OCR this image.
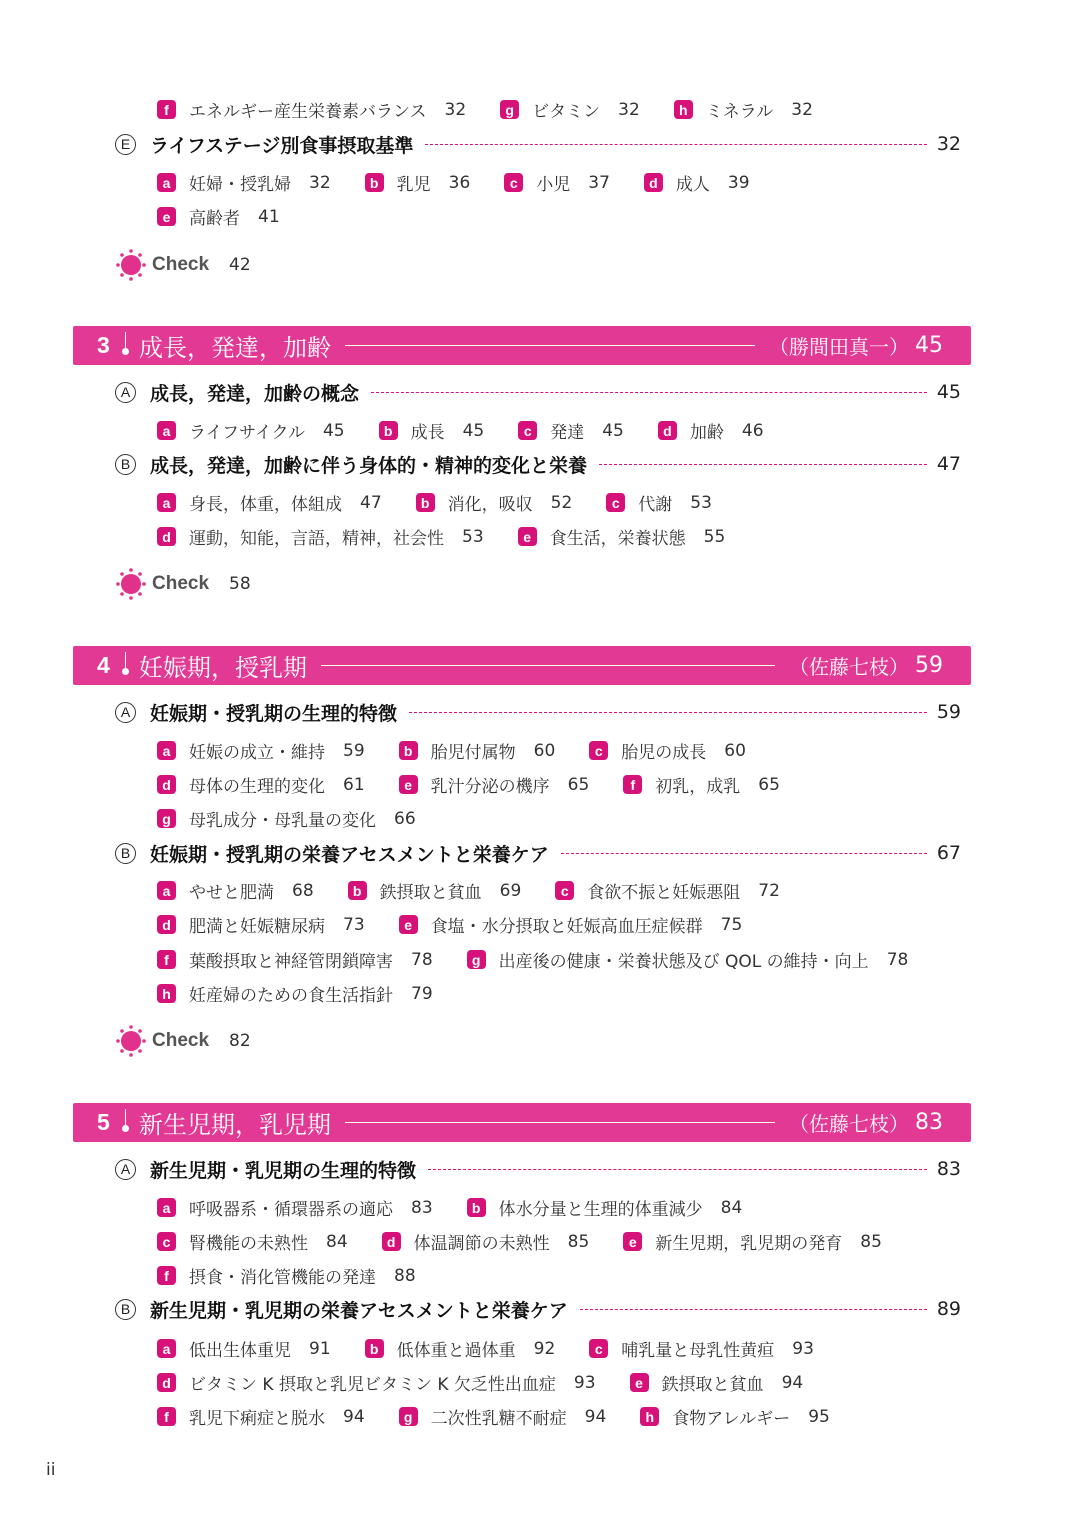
f	エネルギー産生栄養素バランス 32	g	ビタミン 32	h	ミネラル 32
E	ライフステージ別食事摂取基準	32
a	妊婦・授乳婦 32	b	乳児 36	c	小児 37	d	成人 39
e	高齢者 41
Check 42
3	成長，発達，加齢	（勝間田真一） 45
A	成長，発達，加齢の概念	45
a	ライフサイクル 45	b	成長 45	c	発達 45	d	加齢 46
B	成長，発達，加齢に伴う身体的・精神的変化と栄養	47
a	身長，体重，体組成 47	b	消化，吸収 52	c	代謝 53
d	運動，知能，言語，精神，社会性 53	e	食生活，栄養状態 55
Check 58
4	妊娠期，授乳期	（佐藤七枝） 59
A	妊娠期・授乳期の生理的特徴	59
a	妊娠の成立・維持 59	b	胎児付属物 60	c	胎児の成長 60
d	母体の生理的変化 61	e	乳汁分泌の機序 65	f	初乳，成乳 65
g	母乳成分・母乳量の変化 66
B	妊娠期・授乳期の栄養アセスメントと栄養ケア	67
a	やせと肥満 68	b	鉄摂取と貧血 69	c	食欲不振と妊娠悪阻 72
d	肥満と妊娠糖尿病 73	e	食塩・水分摂取と妊娠高血圧症候群 75
f	葉酸摂取と神経管閉鎖障害 78	g	出産後の健康・栄養状態及び QOL の維持・向上 78
h	妊産婦のための食生活指針 79
Check 82
5	新生児期，乳児期	（佐藤七枝） 83
A	新生児期・乳児期の生理的特徴	83
a	呼吸器系・循環器系の適応 83	b	体水分量と生理的体重減少 84
c	腎機能の未熟性 84	d	体温調節の未熟性 85	e	新生児期，乳児期の発育 85
f	摂食・消化管機能の発達 88
B	新生児期・乳児期の栄養アセスメントと栄養ケア	89
a	低出生体重児 91	b	低体重と過体重 92	c	哺乳量と母乳性黄疸 93
d	ビタミン K 摂取と乳児ビタミン K 欠乏性出血症 93	e	鉄摂取と貧血 94
f	乳児下痢症と脱水 94	g	二次性乳糖不耐症 94	h	食物アレルギー 95
ii
